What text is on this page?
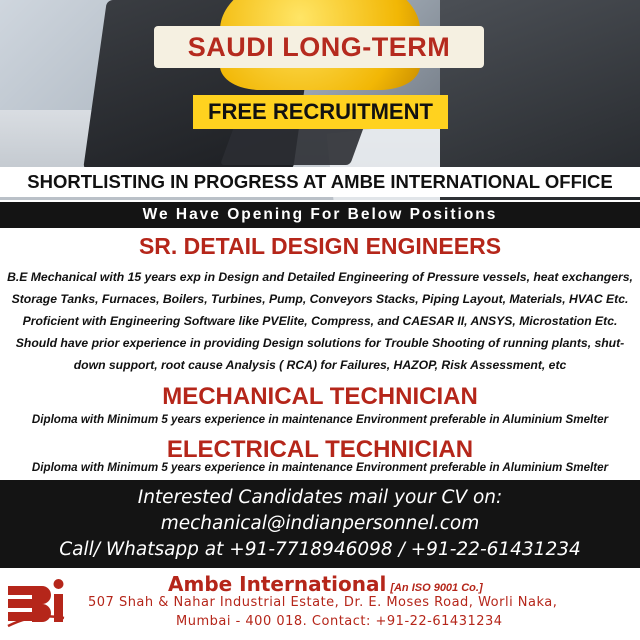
SAUDI LONG-TERM
FREE RECRUITMENT
SHORTLISTING IN PROGRESS AT AMBE INTERNATIONAL OFFICE
We Have Opening For Below Positions
SR. DETAIL DESIGN ENGINEERS
B.E Mechanical with 15 years exp in Design and Detailed Engineering of Pressure vessels, heat exchangers,
Storage Tanks, Furnaces, Boilers, Turbines, Pump, Conveyors Stacks, Piping Layout, Materials, HVAC Etc.
Proficient with Engineering Software like PVElite, Compress, and CAESAR II, ANSYS, Microstation Etc.
Should have prior experience in providing Design solutions for Trouble Shooting of running plants, shut-
down support, root cause Analysis ( RCA) for Failures, HAZOP, Risk Assessment, etc
MECHANICAL TECHNICIAN
Diploma with Minimum 5 years experience in maintenance Environment preferable in Aluminium Smelter
ELECTRICAL TECHNICIAN
Diploma with Minimum 5 years experience in maintenance Environment preferable in Aluminium Smelter
Interested Candidates mail your CV on:
mechanical@indianpersonnel.com
Call/ Whatsapp at +91-7718946098 / +91-22-61431234
Ambe International [An ISO 9001 Co.]
507 Shah & Nahar Industrial Estate, Dr. E. Moses Road, Worli Naka,
Mumbai - 400 018. Contact: +91-22-61431234
